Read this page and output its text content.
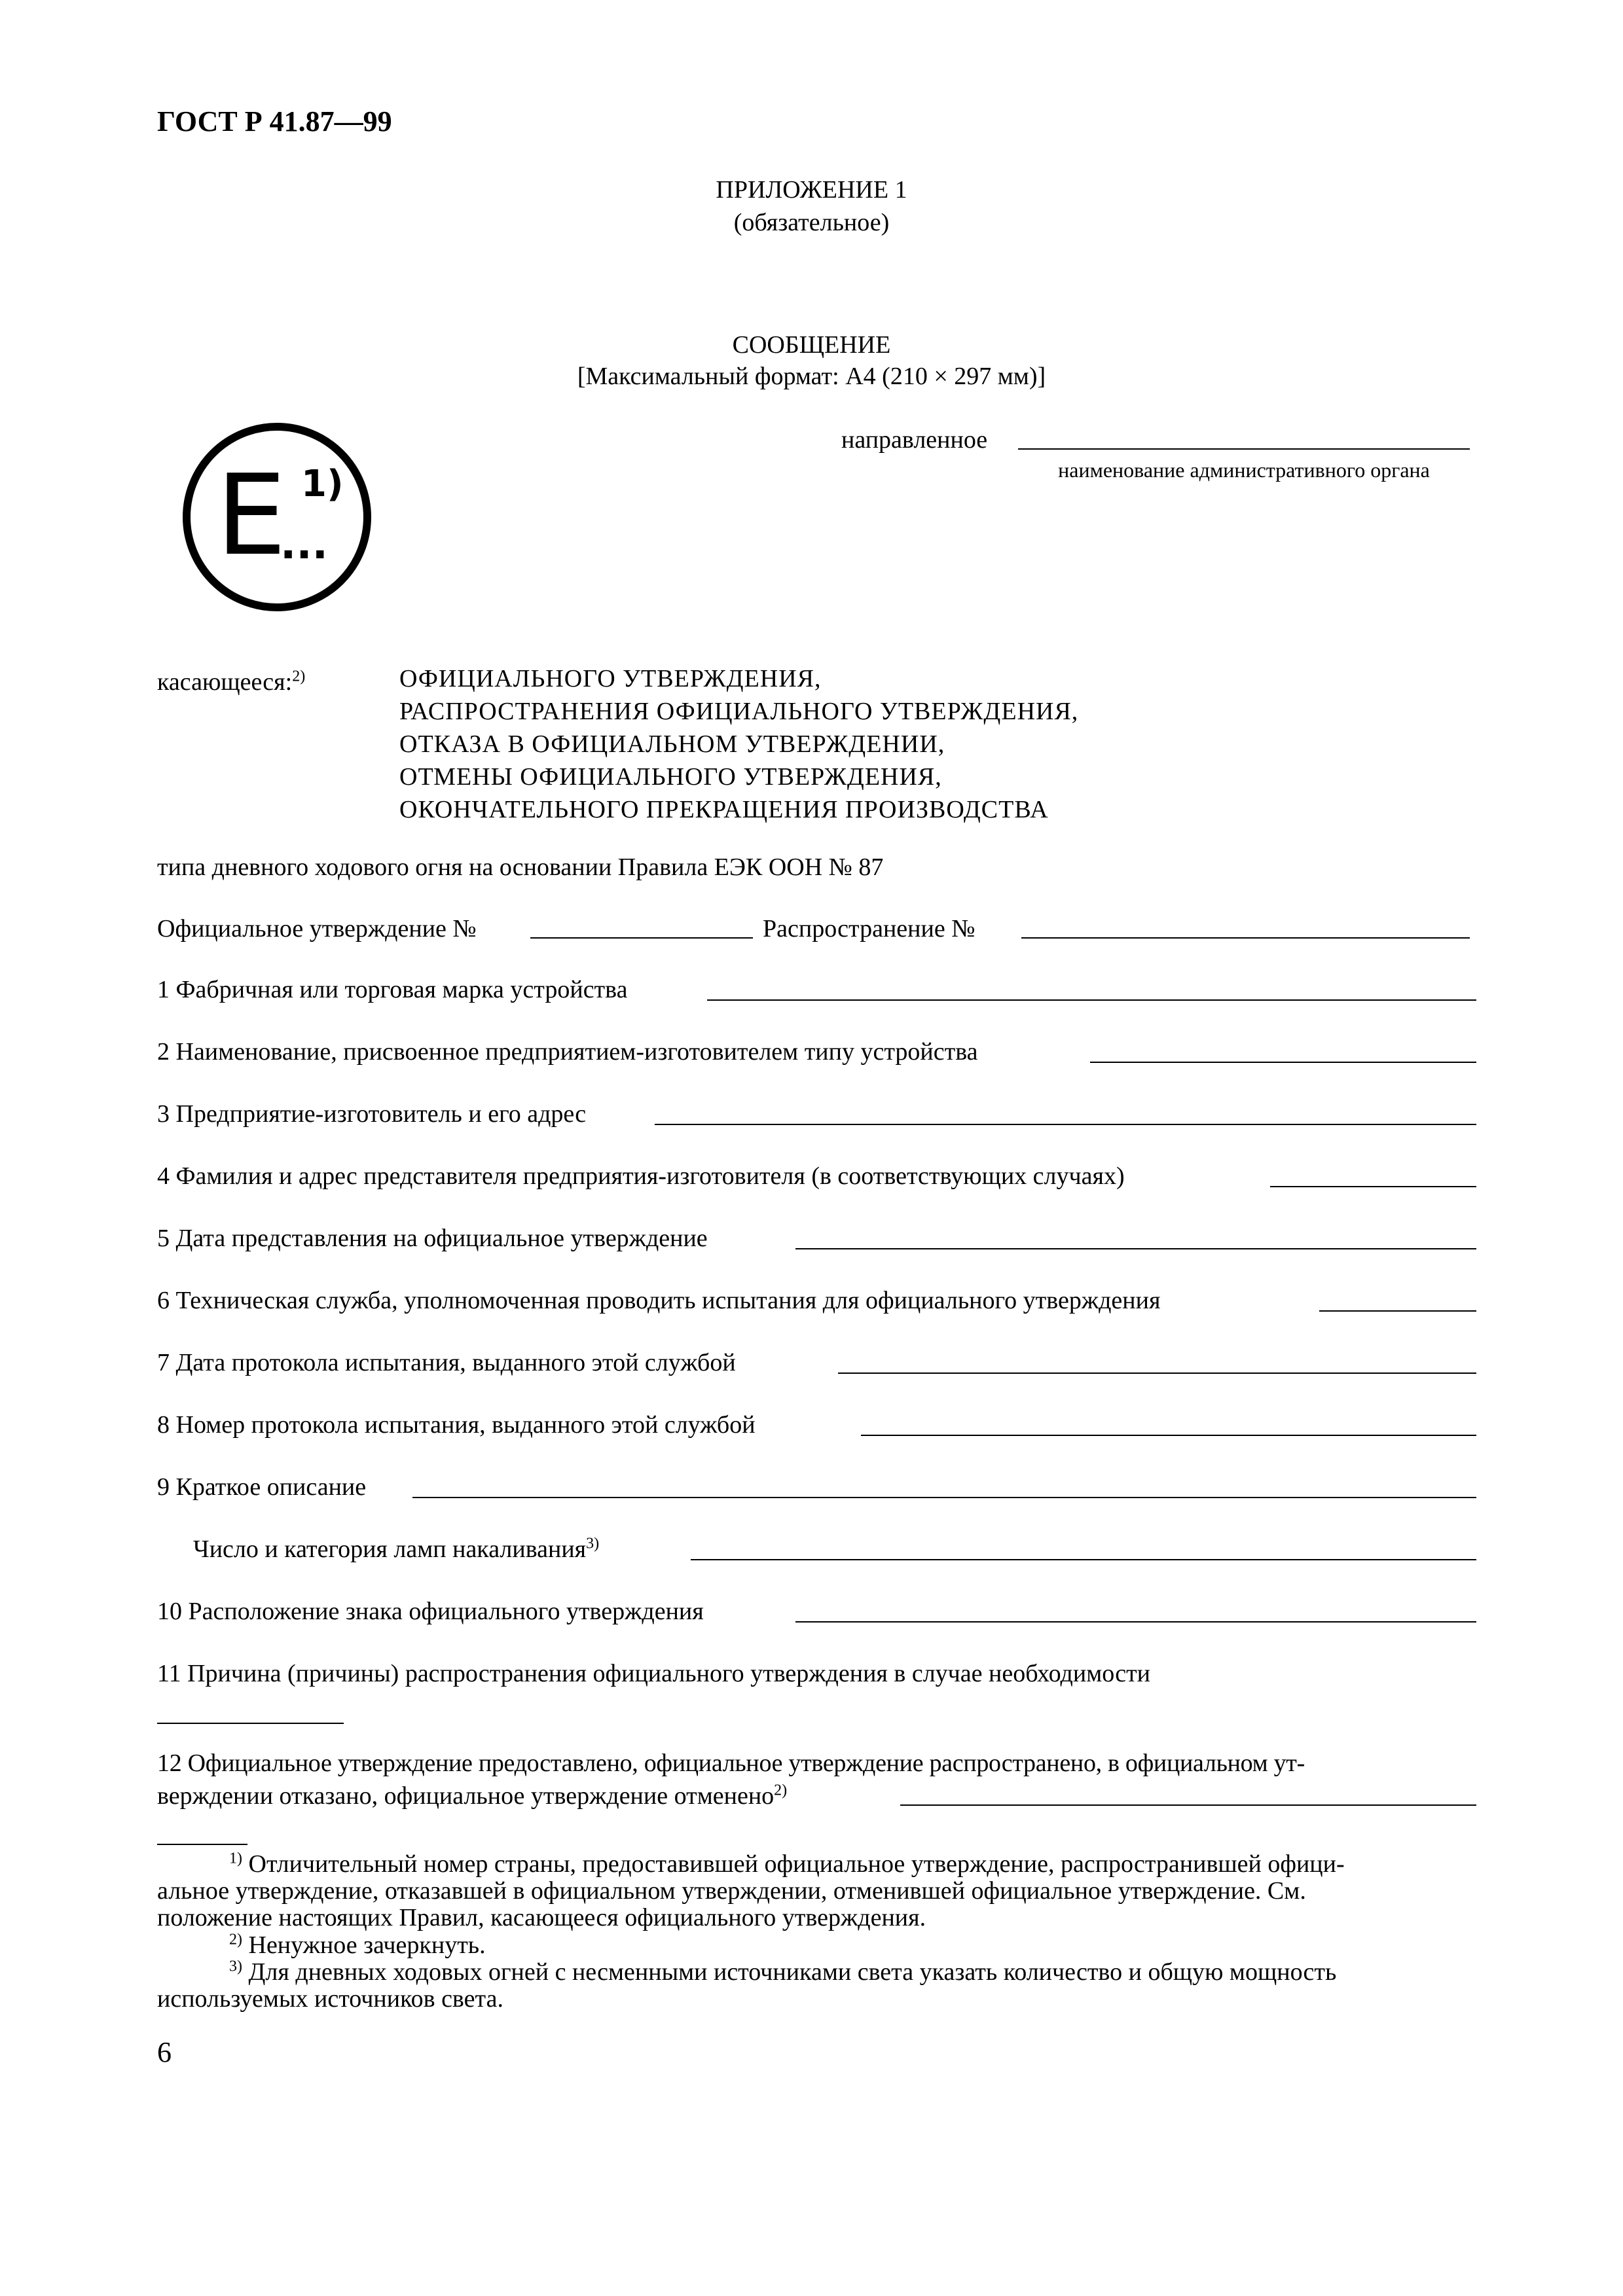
ГОСТ Р 41.87—99
ПРИЛОЖЕНИЕ 1
(обязательное)
СООБЩЕНИЕ
[Максимальный формат: А4 (210 × 297 мм)]
направленное
наименование административного органа
E 1)
...
касающееся:$^{2)}$	ОФИЦИАЛЬНОГО УТВЕРЖДЕНИЯ,
РАСПРОСТРАНЕНИЯ ОФИЦИАЛЬНОГО УТВЕРЖДЕНИЯ,
ОТКАЗА В ОФИЦИАЛЬНОМ УТВЕРЖДЕНИИ,
ОТМЕНЫ ОФИЦИАЛЬНОГО УТВЕРЖДЕНИЯ,
ОКОНЧАТЕЛЬНОГО ПРЕКРАЩЕНИЯ ПРОИЗВОДСТВА
типа дневного ходового огня на основании Правила ЕЭК ООН № 87
Официальное утверждение №	Распространение №
1 Фабричная или торговая марка устройства
2 Наименование, присвоенное предприятием-изготовителем типу устройства
3 Предприятие-изготовитель и его адрес
4 Фамилия и адрес представителя предприятия-изготовителя (в соответствующих случаях)
5 Дата представления на официальное утверждение
6 Техническая служба, уполномоченная проводить испытания для официального утверждения
7 Дата протокола испытания, выданного этой службой
8 Номер протокола испытания, выданного этой службой
9 Краткое описание
Число и категория ламп накаливания$^{3)}$
10 Расположение знака официального утверждения
11 Причина (причины) распространения официального утверждения в случае необходимости
12 Официальное утверждение предоставлено, официальное утверждение распространено, в официальном ут-
верждении отказано, официальное утверждение отменено$^{2)}$
$^{1)}$ Отличительный номер страны, предоставившей официальное утверждение, распространившей офици-
альное утверждение, отказавшей в официальном утверждении, отменившей официальное утверждение. См.
положение настоящих Правил, касающееся официального утверждения.
$^{2)}$ Ненужное зачеркнуть.
$^{3)}$ Для дневных ходовых огней с несменными источниками света указать количество и общую мощность
используемых источников света.
6
